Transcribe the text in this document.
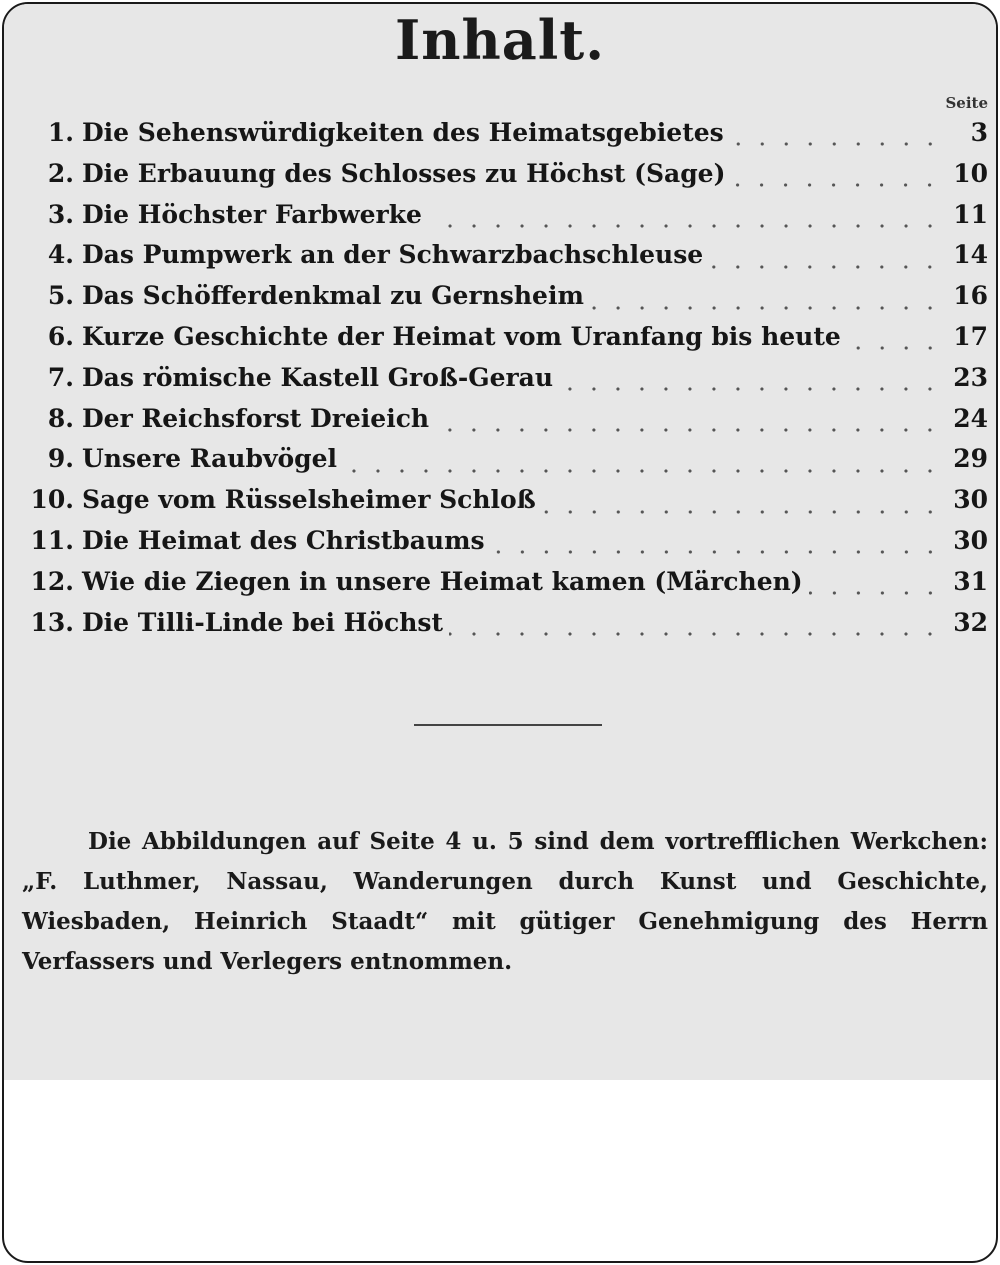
Inhalt.
Seite
1. Die Sehenswürdigkeiten des Heimatsgebietes	3
2. Die Erbauung des Schlosses zu Höchst (Sage)	10
3. Die Höchster Farbwerke	11
4. Das Pumpwerk an der Schwarzbachschleuse	14
5. Das Schöfferdenkmal zu Gernsheim	16
6. Kurze Geschichte der Heimat vom Uranfang bis heute	17
7. Das römische Kastell Groß-Gerau	23
8. Der Reichsforst Dreieich	24
9. Unsere Raubvögel	29
10. Sage vom Rüsselsheimer Schloß	30
11. Die Heimat des Christbaums	30
12. Wie die Ziegen in unsere Heimat kamen (Märchen)	31
13. Die Tilli-Linde bei Höchst	32
Die Abbildungen auf Seite 4 u. 5 sind dem vortrefflichen Werkchen: „F. Luthmer, Nassau, Wanderungen durch Kunst und Geschichte, Wiesbaden, Heinrich Staadt“ mit gütiger Genehmigung des Herrn Verfassers und Verlegers entnommen.
